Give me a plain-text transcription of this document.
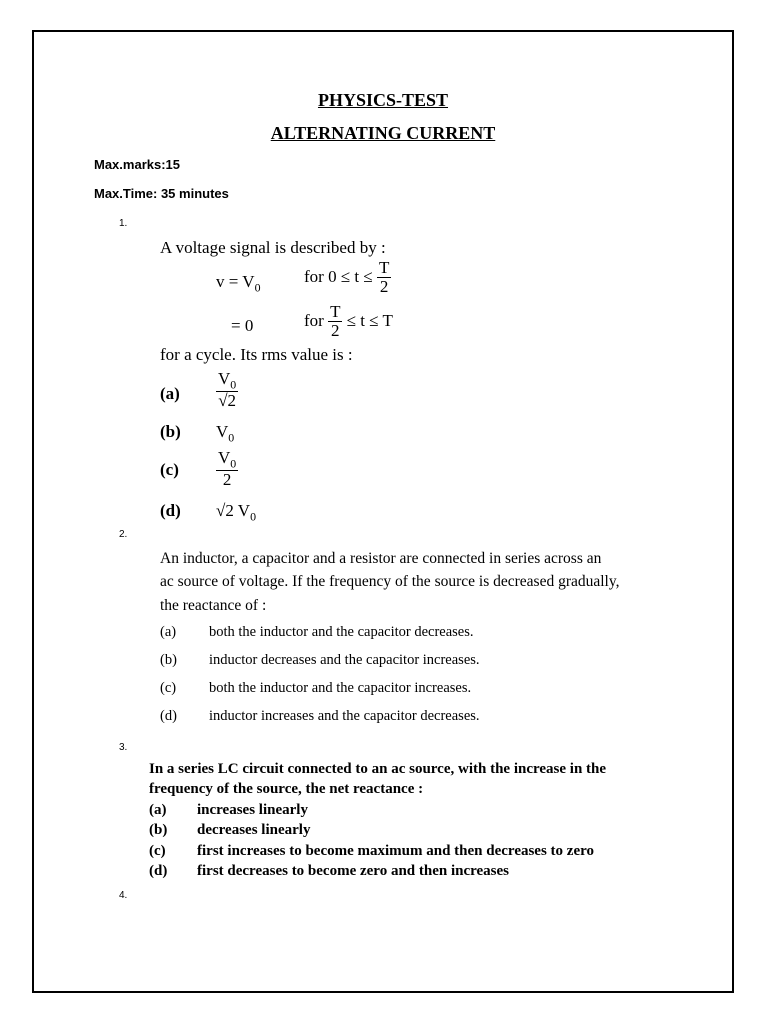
PHYSICS-TEST
ALTERNATING CURRENT
Max.marks:15
Max.Time: 35 minutes
1.
A voltage signal is described by :
$v = V_0$
for 0 ≤ t ≤
$\frac{T}{2}$
= 0	for
$\frac{T}{2}$
≤ t ≤ T
for a cycle. Its rms value is :
$(a) \frac{V_0}{√2}$
(b) $V_0$
$(c) \frac{V_0}{2}$
(d) √2 $V_0$
2.
An inductor, a capacitor and a resistor are connected in series across an
ac source of voltage. If the frequency of the source is decreased gradually,
the reactance of :
(a) both the inductor and the capacitor decreases.
(b) inductor decreases and the capacitor increases.
(c) both the inductor and the capacitor increases.
(d) inductor increases and the capacitor decreases.
3.
In a series LC circuit connected to an ac source, with the increase in the
frequency of the source, the net reactance :
(a) increases linearly
(b) decreases linearly
(c) first increases to become maximum and then decreases to zero
(d) first decreases to become zero and then increases
4.
